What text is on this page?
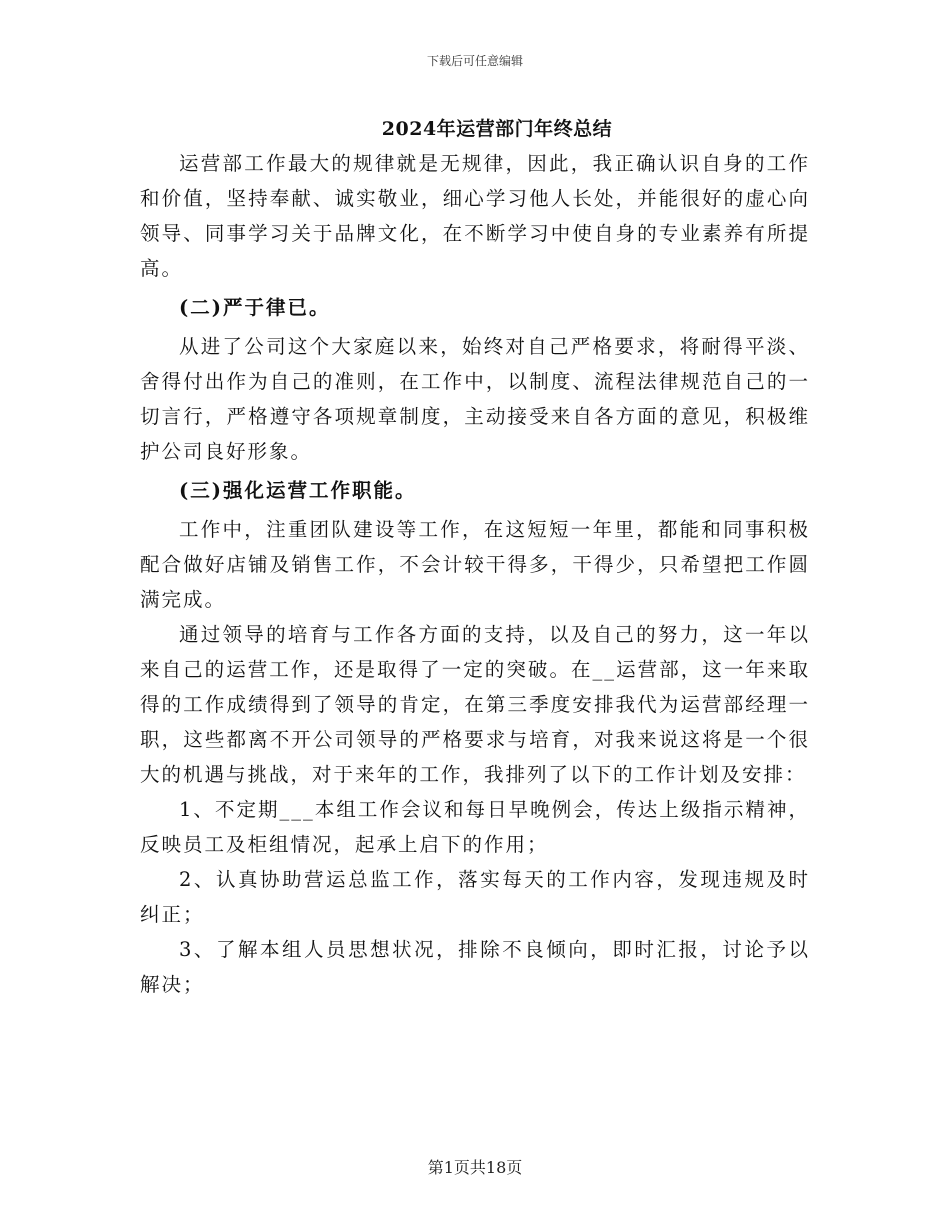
下载后可任意编辑
2024年运营部门年终总结

运营部工作最大的规律就是无规律，因此，我正确认识自身的工作和价值，坚持奉献、诚实敬业，细心学习他人长处，并能很好的虚心向领导、同事学习关于品牌文化，在不断学习中使自身的专业素养有所提高。

(二)严于律已。

从进了公司这个大家庭以来，始终对自己严格要求，将耐得平淡、舍得付出作为自己的准则，在工作中，以制度、流程法律规范自己的一切言行，严格遵守各项规章制度，主动接受来自各方面的意见，积极维护公司良好形象。

(三)强化运营工作职能。

工作中，注重团队建设等工作，在这短短一年里，都能和同事积极配合做好店铺及销售工作，不会计较干得多，干得少，只希望把工作圆满完成。

通过领导的培育与工作各方面的支持，以及自己的努力，这一年以来自己的运营工作，还是取得了一定的突破。在__运营部，这一年来取得的工作成绩得到了领导的肯定，在第三季度安排我代为运营部经理一职，这些都离不开公司领导的严格要求与培育，对我来说这将是一个很大的机遇与挑战，对于来年的工作，我排列了以下的工作计划及安排：

1、不定期___本组工作会议和每日早晚例会，传达上级指示精神，反映员工及柜组情况，起承上启下的作用；

2、认真协助营运总监工作，落实每天的工作内容，发现违规及时纠正；

3、了解本组人员思想状况，排除不良倾向，即时汇报，讨论予以解决；

第1页共18页
